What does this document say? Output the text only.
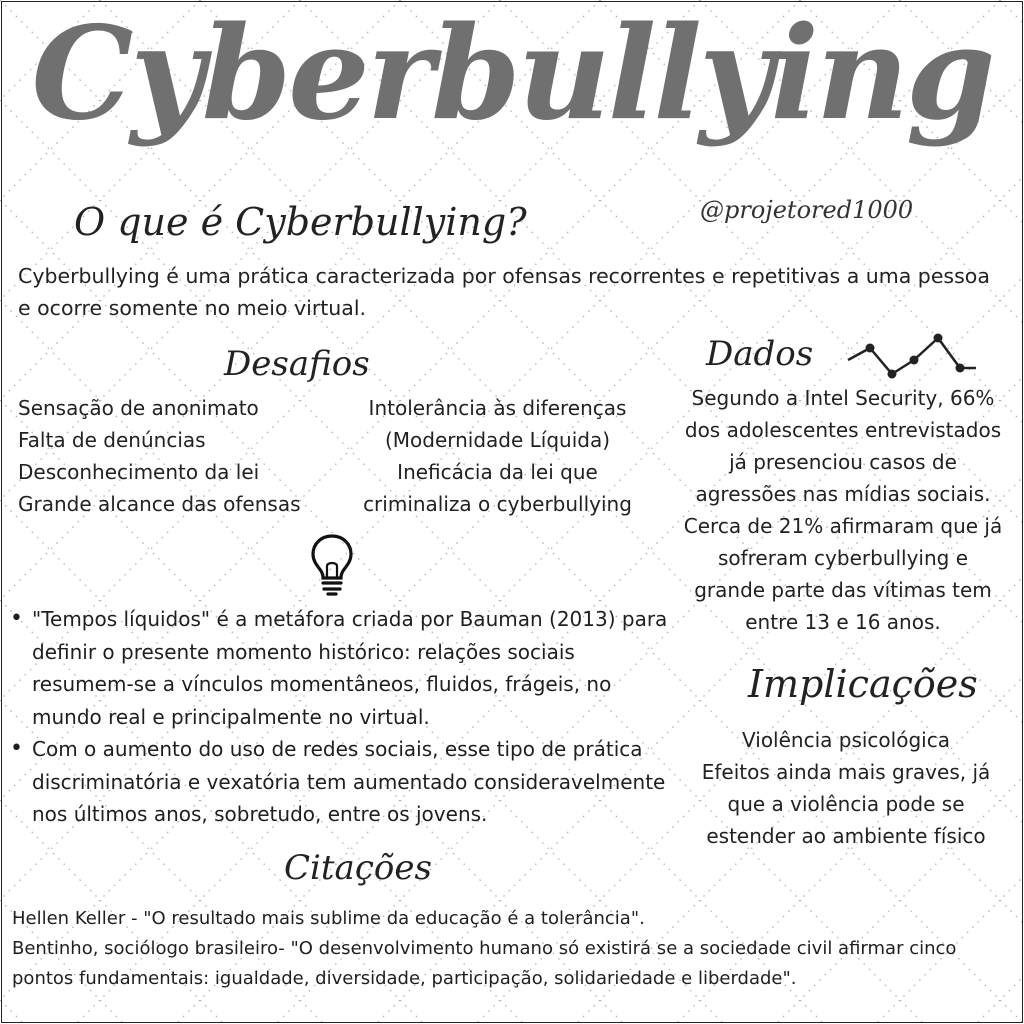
Cyberbullying
@projetored1000
O que é Cyberbullying?
Cyberbullying é uma prática caracterizada por ofensas recorrentes e repetitivas a uma pessoa e ocorre somente no meio virtual.
Desafios
Sensação de anonimato
Falta de denúncias
Desconhecimento da lei
Grande alcance das ofensas
Intolerância às diferenças
(Modernidade Líquida)
Ineficácia da lei que
criminaliza o cyberbullying
Dados
Segundo a Intel Security, 66%
dos adolescentes entrevistados
já presenciou casos de
agressões nas mídias sociais.
Cerca de 21% afirmaram que já
sofreram cyberbullying e
grande parte das vítimas tem
entre 13 e 16 anos.
• "Tempos líquidos" é a metáfora criada por Bauman (2013) para definir o presente momento histórico: relações sociais resumem-se a vínculos momentâneos, fluidos, frágeis, no mundo real e principalmente no virtual.
• Com o aumento do uso de redes sociais, esse tipo de prática discriminatória e vexatória tem aumentado consideravelmente nos últimos anos, sobretudo, entre os jovens.
Implicações
Violência psicológica
Efeitos ainda mais graves, já
que a violência pode se
estender ao ambiente físico
Citações
Hellen Keller - "O resultado mais sublime da educação é a tolerância".
Bentinho, sociólogo brasileiro- "O desenvolvimento humano só existirá se a sociedade civil afirmar cinco pontos fundamentais: igualdade, diversidade, participação, solidariedade e liberdade".
